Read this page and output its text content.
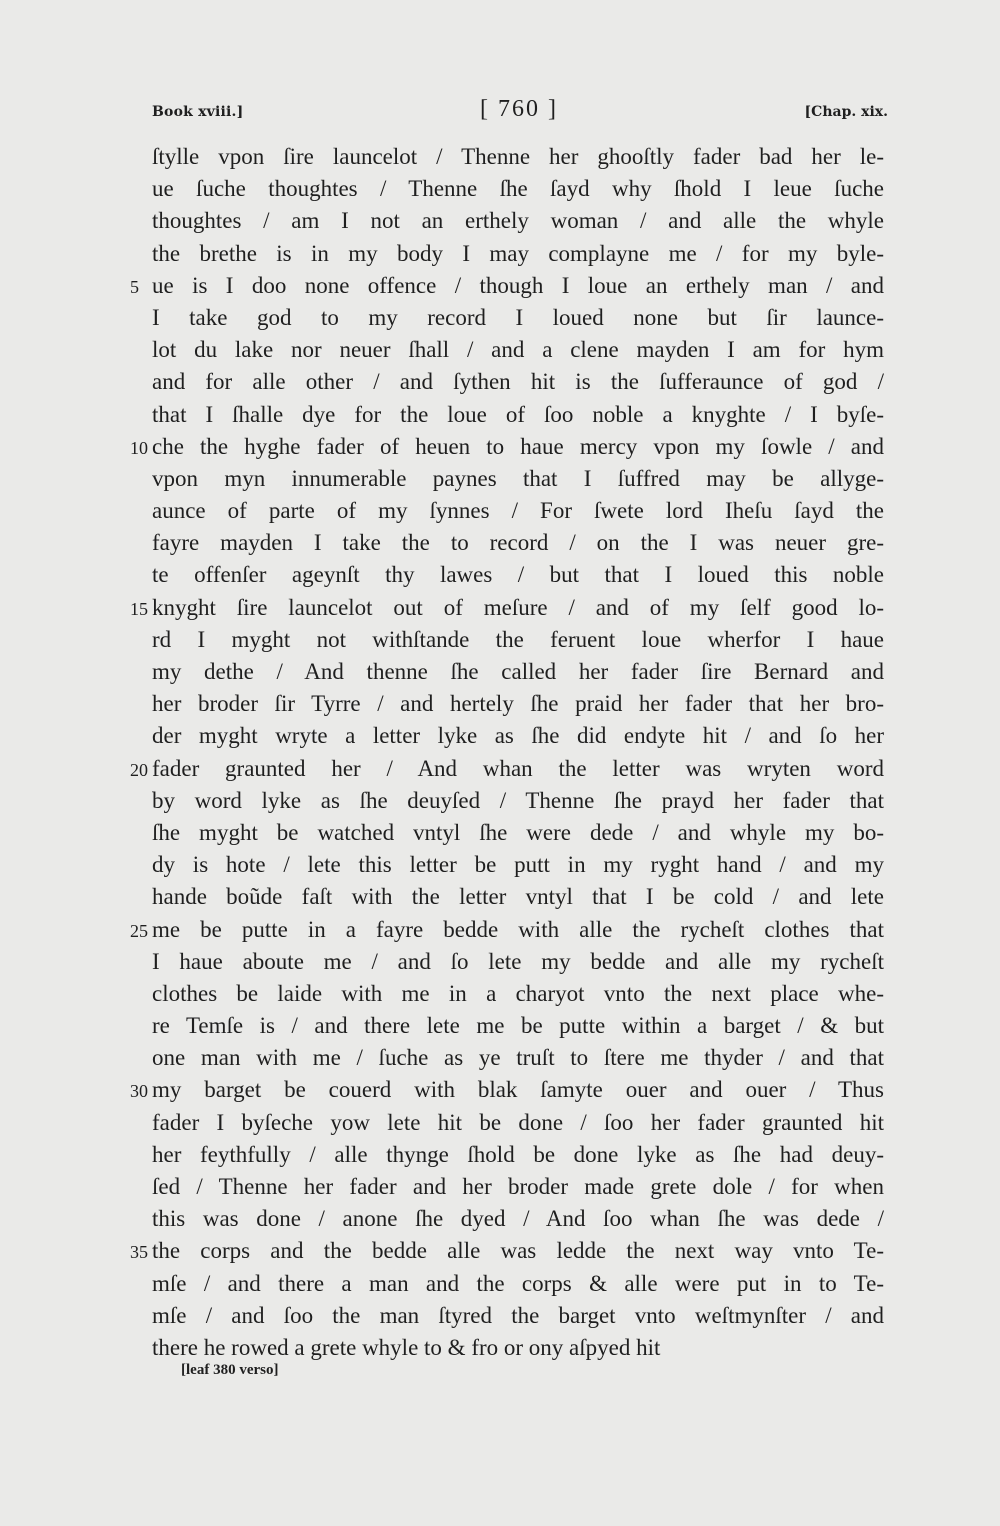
Book xviii.]	[ 760 ]	[Chap. xix.
ſtylle vpon ſire launcelot / Thenne her ghooſtly fader bad her le-
ue ſuche thoughtes / Thenne ſhe ſayd why ſhold I leue ſuche
thoughtes / am I not an erthely woman / and alle the whyle
the brethe is in my body I may complayne me / for my byle-
5 ue is I doo none offence / though I loue an erthely man / and
I take god to my record I loued none but ſir launce-
lot du lake nor neuer ſhall / and a clene mayden I am for hym
and for alle other / and ſythen hit is the ſufferaunce of god /
that I ſhalle dye for the loue of ſoo noble a knyghte / I byſe-
10 che the hyghe fader of heuen to haue mercy vpon my ſowle / and
vpon myn innumerable paynes that I ſuffred may be allyge-
aunce of parte of my ſynnes / For ſwete lord Iheſu ſayd the
fayre mayden I take the to record / on the I was neuer gre-
te offenſer ageynſt thy lawes / but that I loued this noble
15 knyght ſire launcelot out of meſure / and of my ſelf good lo-
rd I myght not withſtande the feruent loue wherfor I haue
my dethe / And thenne ſhe called her fader ſire Bernard and
her broder ſir Tyrre / and hertely ſhe praid her fader that her bro-
der myght wryte a letter lyke as ſhe did endyte hit / and ſo her
20 fader graunted her / And whan the letter was wryten word
by word lyke as ſhe deuyſed / Thenne ſhe prayd her fader that
ſhe myght be watched vntyl ſhe were dede / and whyle my bo-
dy is hote / lete this letter be putt in my ryght hand / and my
hande boũde faſt with the letter vntyl that I be cold / and lete
25 me be putte in a fayre bedde with alle the rycheſt clothes that
I haue aboute me / and ſo lete my bedde and alle my rycheſt
clothes be laide with me in a charyot vnto the next place whe-
re Temſe is / and there lete me be putte within a barget / & but
one man with me / ſuche as ye truſt to ſtere me thyder / and that
30 my barget be couerd with blak ſamyte ouer and ouer / Thus
fader I byſeche yow lete hit be done / ſoo her fader graunted hit
her feythfully / alle thynge ſhold be done lyke as ſhe had deuy-
ſed / Thenne her fader and her broder made grete dole / for when
this was done / anone ſhe dyed / And ſoo whan ſhe was dede /
35 the corps and the bedde alle was ledde the next way vnto Te-
mſe / and there a man and the corps & alle were put in to Te-
mſe / and ſoo the man ſtyred the barget vnto weſtmynſter / and
there he rowed a grete whyle to & fro or ony aſpyed hit
[leaf 380 verso]
